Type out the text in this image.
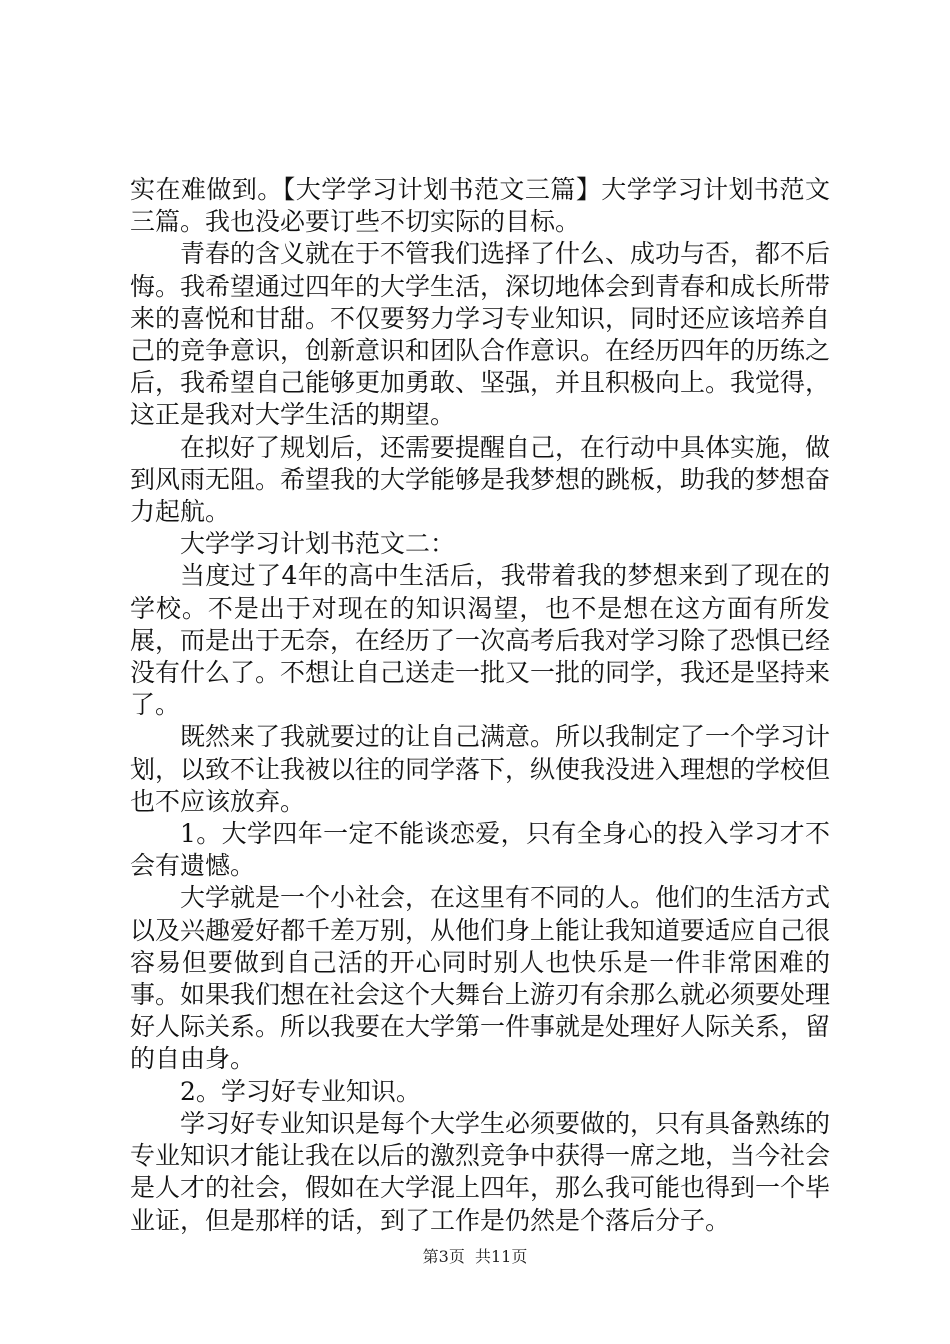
实在难做到。【大学学习计划书范文三篇】大学学习计划书范文三篇。我也没必要订些不切实际的目标。

青春的含义就在于不管我们选择了什么、成功与否，都不后悔。我希望通过四年的大学生活，深切地体会到青春和成长所带来的喜悦和甘甜。不仅要努力学习专业知识，同时还应该培养自己的竞争意识，创新意识和团队合作意识。在经历四年的历练之后，我希望自己能够更加勇敢、坚强，并且积极向上。我觉得，这正是我对大学生活的期望。

在拟好了规划后，还需要提醒自己，在行动中具体实施，做到风雨无阻。希望我的大学能够是我梦想的跳板，助我的梦想奋力起航。

大学学习计划书范文二：

当度过了4年的高中生活后，我带着我的梦想来到了现在的学校。不是出于对现在的知识渴望，也不是想在这方面有所发展，而是出于无奈，在经历了一次高考后我对学习除了恐惧已经没有什么了。不想让自己送走一批又一批的同学，我还是坚持来了。

既然来了我就要过的让自己满意。所以我制定了一个学习计划，以致不让我被以往的同学落下，纵使我没进入理想的学校但也不应该放弃。

1。大学四年一定不能谈恋爱，只有全身心的投入学习才不会有遗憾。

大学就是一个小社会，在这里有不同的人。他们的生活方式以及兴趣爱好都千差万别，从他们身上能让我知道要适应自己很容易但要做到自己活的开心同时别人也快乐是一件非常困难的事。如果我们想在社会这个大舞台上游刃有余那么就必须要处理好人际关系。所以我要在大学第一件事就是处理好人际关系，留的自由身。

2。学习好专业知识。

学习好专业知识是每个大学生必须要做的，只有具备熟练的专业知识才能让我在以后的激烈竞争中获得一席之地，当今社会是人才的社会，假如在大学混上四年，那么我可能也得到一个毕业证，但是那样的话，到了工作是仍然是个落后分子。

第3页  共11页
